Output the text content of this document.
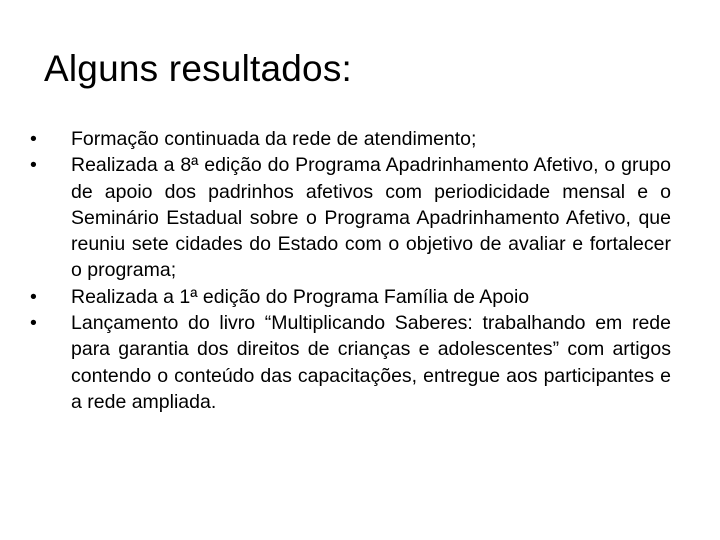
Alguns resultados:
•	Formação continuada da rede de atendimento;
•	Realizada a 8ª edição do Programa Apadrinhamento Afetivo, o grupo de apoio dos padrinhos afetivos com periodicidade mensal e o Seminário Estadual sobre o Programa Apadrinhamento Afetivo, que reuniu sete cidades do Estado com o objetivo de avaliar e fortalecer o programa;
•	Realizada a 1ª edição do Programa Família de Apoio
•	Lançamento do livro “Multiplicando Saberes: trabalhando em rede para garantia dos direitos de crianças e adolescentes” com artigos contendo o conteúdo das capacitações, entregue aos participantes e a rede ampliada.
